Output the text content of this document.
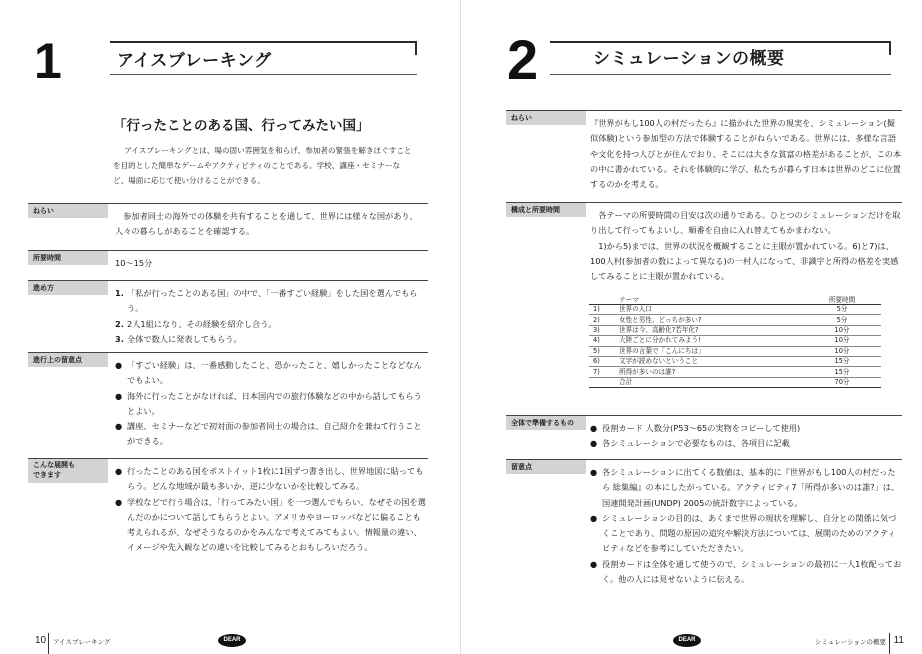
1	アイスブレーキング
「行ったことのある国、行ってみたい国」

アイスブレーキングとは、場の固い雰囲気を和らげ、参加者の緊張を解きほぐすことを目的とした簡単なゲームやアクティビティのことである。学校、講座・セミナーなど、場面に応じて使い分けることができる。

ねらい	参加者同士の海外での体験を共有することを通して、世界には様々な国があり、人々の暮らしがあることを確認する。

所要時間	10～15分

進め方	1. 「私が行ったことのある国」の中で、「一番すごい経験」をした国を選んでもらう。
2. 2人1組になり、その経験を紹介し合う。
3. 全体で数人に発表してもらう。
進行上の留意点	● 「すごい経験」は、一番感動したこと、恐かったこと、嬉しかったことなどなんでもよい。
● 海外に行ったことがなければ、日本国内での旅行体験などの中から話してもらうとよい。
● 講座、セミナーなどで初対面の参加者同士の場合は、自己紹介を兼ねて行うことができる。
こんな展開も
できます	● 行ったことのある国をポストイット1枚に1国ずつ書き出し、世界地図に貼ってもらう。どんな地域が最も多いか、逆に少ないかを比較してみる。
● 学校などで行う場合は、「行ってみたい国」を一つ選んでもらい、なぜその国を選んだのかについて話してもらうとよい。アメリカやヨーロッパなどに偏ることも考えられるが、なぜそうなるのかをみんなで考えてみてもよい。情報量の違い、イメージや先入観などの違いを比較してみるとおもしろいだろう。
10 アイスブレーキング	DEAR
2	シミュレーションの概要
ねらい	『世界がもし100人の村だったら』に描かれた世界の現実を、シミュレーション(擬似体験)という参加型の方法で体験することがねらいである。世界には、多様な言語や文化を持つ人びとが住んでおり、そこには大きな貧富の格差があることが、この本の中に書かれている。それを体験的に学び、私たちが暮らす日本は世界のどこに位置するのかを考える。

構成と所要時間	各テーマの所要時間の目安は次の通りである。ひとつのシミュレーションだけを取り出して行ってもよいし、順番を自由に入れ替えてもかまわない。

1)から5)までは、世界の状況を概観することに主眼が置かれている。6)と7)は、100人村(参加者の数によって異なる)の一村人になって、非識字と所得の格差を実感してみることに主眼が置かれている。

	テーマ	所要時間
1)	世界の人口	5分
2)	女性と男性、どっちが多い?	5分
3)	世界は今、高齢化?若年化?	10分
4)	大陸ごとに分かれてみよう!	10分
5)	世界の言葉で「こんにちは」	10分
6)	文字が読めないということ	15分
7)	所得が多いのは誰?	15分
	合計	70分
全体で準備するもの	● 役割カード 人数分(P53～65の実物をコピーして使用)
● 各シミュレーションで必要なものは、各項目に記載
留意点	● 各シミュレーションに出てくる数値は、基本的に『世界がもし100人の村だったら 総集編』の本にしたがっている。アクティビティ7「所得が多いのは誰?」は、国連開発計画(UNDP) 2005の統計数字によっている。
● シミュレーションの目的は、あくまで世界の現状を理解し、自分との関係に気づくことであり、問題の原因の追究や解決方法については、展開のためのアクティビティなどを参考にしていただきたい。
● 役割カードは全体を通して使うので、シミュレーションの最初に一人1枚配っておく。他の人には見せないように伝える。
DEAR	シミュレーションの概要 11
